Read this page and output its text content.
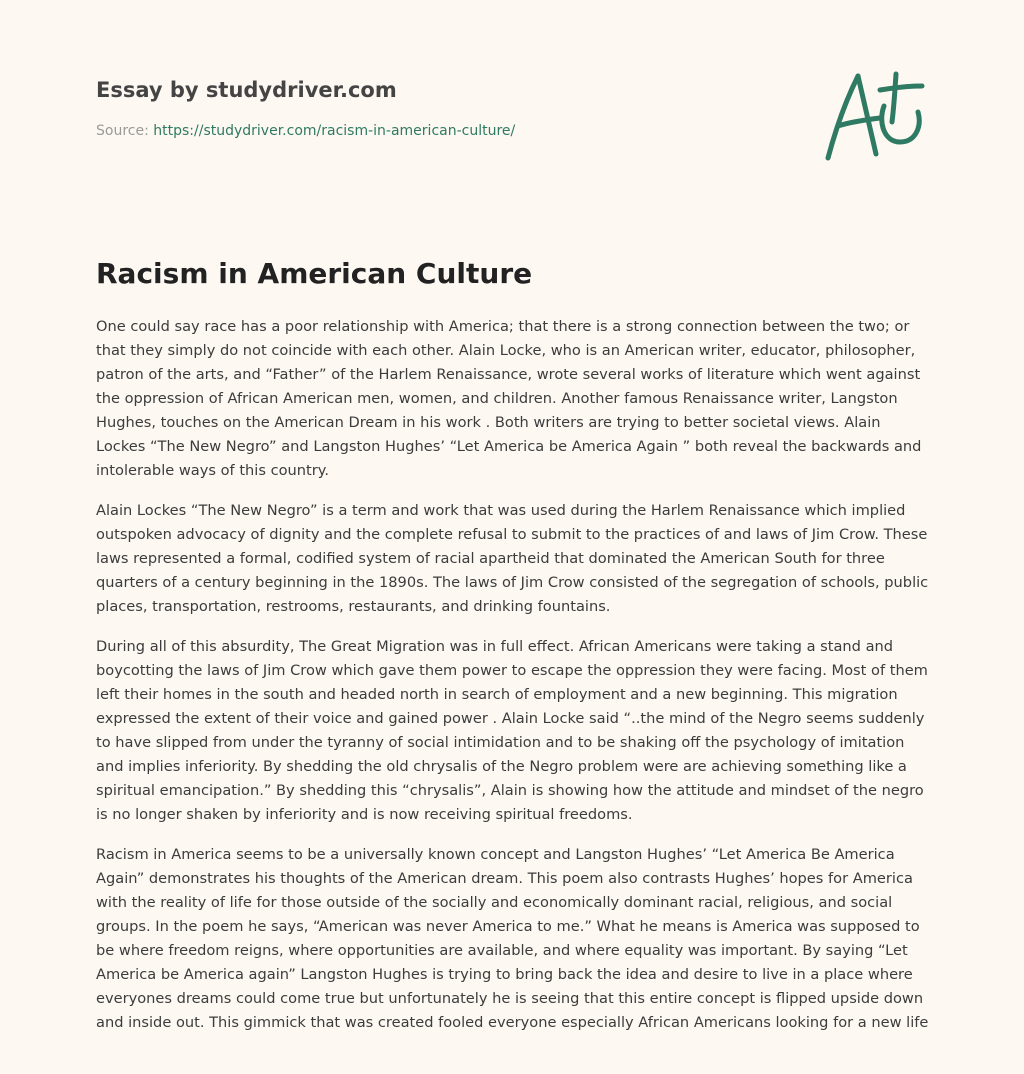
Essay by studydriver.com
Source: https://studydriver.com/racism-in-american-culture/
Racism in American Culture

One could say race has a poor relationship with America; that there is a strong connection between the two; or that they simply do not coincide with each other. Alain Locke, who is an American writer, educator, philosopher, patron of the arts, and “Father” of the Harlem Renaissance, wrote several works of literature which went against the oppression of African American men, women, and children. Another famous Renaissance writer, Langston Hughes, touches on the American Dream in his work . Both writers are trying to better societal views. Alain Lockes “The New Negro” and Langston Hughes’ “Let America be America Again ” both reveal the backwards and intolerable ways of this country.

Alain Lockes “The New Negro” is a term and work that was used during the Harlem Renaissance which implied outspoken advocacy of dignity and the complete refusal to submit to the practices of and laws of Jim Crow. These laws represented a formal, codified system of racial apartheid that dominated the American South for three quarters of a century beginning in the 1890s. The laws of Jim Crow consisted of the segregation of schools, public places, transportation, restrooms, restaurants, and drinking fountains.

During all of this absurdity, The Great Migration was in full effect. African Americans were taking a stand and boycotting the laws of Jim Crow which gave them power to escape the oppression they were facing. Most of them left their homes in the south and headed north in search of employment and a new beginning. This migration expressed the extent of their voice and gained power . Alain Locke said “..the mind of the Negro seems suddenly to have slipped from under the tyranny of social intimidation and to be shaking off the psychology of imitation and implies inferiority. By shedding the old chrysalis of the Negro problem were are achieving something like a spiritual emancipation.” By shedding this “chrysalis”, Alain is showing how the attitude and mindset of the negro is no longer shaken by inferiority and is now receiving spiritual freedoms.

Racism in America seems to be a universally known concept and Langston Hughes’ “Let America Be America Again” demonstrates his thoughts of the American dream. This poem also contrasts Hughes’ hopes for America with the reality of life for those outside of the socially and economically dominant racial, religious, and social groups. In the poem he says, “American was never America to me.” What he means is America was supposed to be where freedom reigns, where opportunities are available, and where equality was important. By saying “Let America be America again” Langston Hughes is trying to bring back the idea and desire to live in a place where everyones dreams could come true but unfortunately he is seeing that this entire concept is flipped upside down and inside out. This gimmick that was created fooled everyone especially African Americans looking for a new life
